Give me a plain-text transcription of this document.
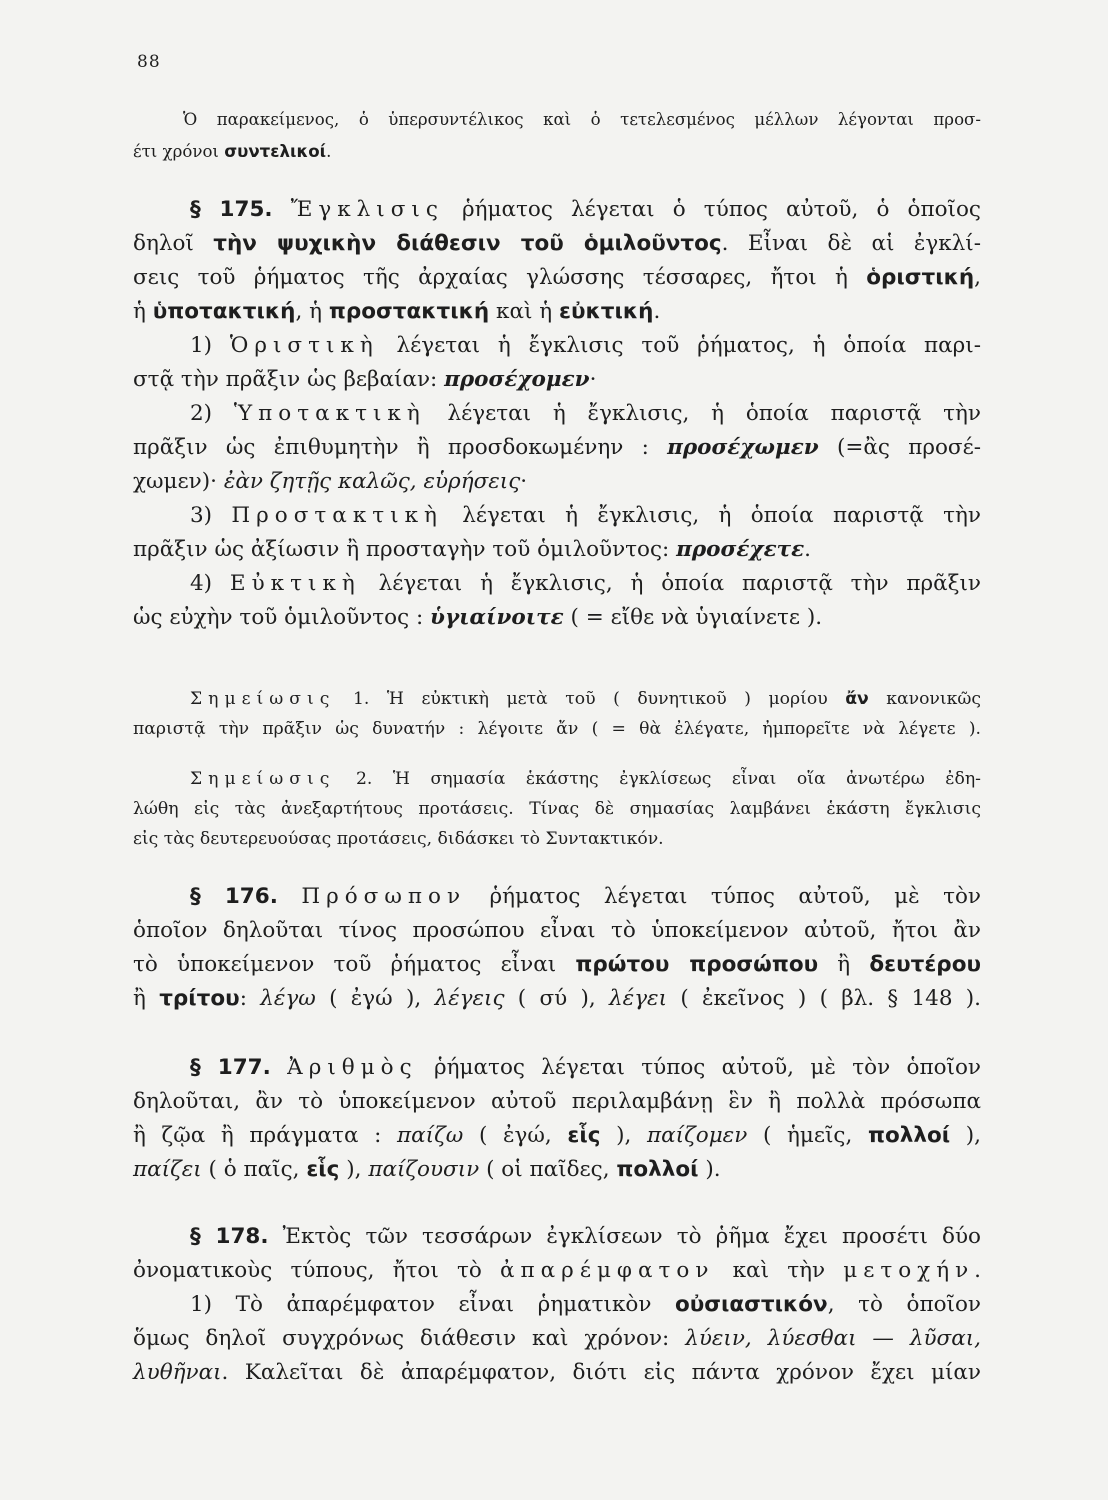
88
Ὁ παρακείμενος, ὁ ὑπερσυντέλικος καὶ ὁ τετελεσμένος μέλλων λέγονται προσ-
έτι χρόνοι συντελικοί.
§ 175. Ἔγκλισις ῥήματος λέγεται ὁ τύπος αὐτοῦ, ὁ ὁποῖος
δηλοῖ τὴν ψυχικὴν διάθεσιν τοῦ ὁμιλοῦντος. Εἶναι δὲ αἱ ἐγκλί-
σεις τοῦ ῥήματος τῆς ἀρχαίας γλώσσης τέσσαρες, ἤτοι ἡ ὁριστική,
ἡ ὑποτακτική, ἡ προστακτική καὶ ἡ εὐκτική.
1) Ὁριστικὴ λέγεται ἡ ἔγκλισις τοῦ ῥήματος, ἡ ὁποία παρι-
στᾷ τὴν πρᾶξιν ὡς βεβαίαν: προσέχομεν·
2) Ὑποτακτικὴ λέγεται ἡ ἔγκλισις, ἡ ὁποία παριστᾷ τὴν
πρᾶξιν ὡς ἐπιθυμητὴν ἢ προσδοκωμένην : προσέχωμεν (=ἂς προσέ-
χωμεν)· ἐὰν ζητῇς καλῶς, εὑρήσεις·
3) Προστακτικὴ λέγεται ἡ ἔγκλισις, ἡ ὁποία παριστᾷ τὴν
πρᾶξιν ὡς ἀξίωσιν ἢ προσταγὴν τοῦ ὁμιλοῦντος: προσέχετε.
4) Εὐκτικὴ λέγεται ἡ ἔγκλισις, ἡ ὁποία παριστᾷ τὴν πρᾶξιν
ὡς εὐχὴν τοῦ ὁμιλοῦντος : ὑγιαίνοιτε ( = εἴθε νὰ ὑγιαίνετε ).
Σημείωσις 1. Ἡ εὐκτικὴ μετὰ τοῦ ( δυνητικοῦ ) μορίου ἄν κανονικῶς
παριστᾷ τὴν πρᾶξιν ὡς δυνατήν : λέγοιτε ἄν ( = θὰ ἐλέγατε, ἠμπορεῖτε νὰ λέγετε ).
Σημείωσις 2. Ἡ σημασία ἑκάστης ἐγκλίσεως εἶναι οἵα ἀνωτέρω ἐδη-
λώθη εἰς τὰς ἀνεξαρτήτους προτάσεις. Τίνας δὲ σημασίας λαμβάνει ἑκάστη ἔγκλισις
εἰς τὰς δευτερευούσας προτάσεις, διδάσκει τὸ Συντακτικόν.
§ 176. Πρόσωπον ῥήματος λέγεται τύπος αὐτοῦ, μὲ τὸν
ὁποῖον δηλοῦται τίνος προσώπου εἶναι τὸ ὑποκείμενον αὐτοῦ, ἤτοι ἂν
τὸ ὑποκείμενον τοῦ ῥήματος εἶναι πρώτου προσώπου ἢ δευτέρου
ἢ τρίτου: λέγω ( ἐγώ ), λέγεις ( σύ ), λέγει ( ἐκεῖνος ) ( βλ. § 148 ).
§ 177. Ἀριθμὸς ῥήματος λέγεται τύπος αὐτοῦ, μὲ τὸν ὁποῖον
δηλοῦται, ἂν τὸ ὑποκείμενον αὐτοῦ περιλαμβάνῃ ἓν ἢ πολλὰ πρόσωπα
ἢ ζῷα ἢ πράγματα : παίζω ( ἐγώ, εἷς ), παίζομεν ( ἡμεῖς, πολλοί ),
παίζει ( ὁ παῖς, εἷς ), παίζουσιν ( οἱ παῖδες, πολλοί ).
§ 178. Ἐκτὸς τῶν τεσσάρων ἐγκλίσεων τὸ ῥῆμα ἔχει προσέτι δύο
ὀνοματικοὺς τύπους, ἤτοι τὸ ἀπαρέμφατον καὶ τὴν μετοχήν.
1) Τὸ ἀπαρέμφατον εἶναι ῥηματικὸν οὐσιαστικόν, τὸ ὁποῖον
ὅμως δηλοῖ συγχρόνως διάθεσιν καὶ χρόνον: λύειν, λύεσθαι — λῦσαι,
λυθῆναι. Καλεῖται δὲ ἀπαρέμφατον, διότι εἰς πάντα χρόνον ἔχει μίαν
